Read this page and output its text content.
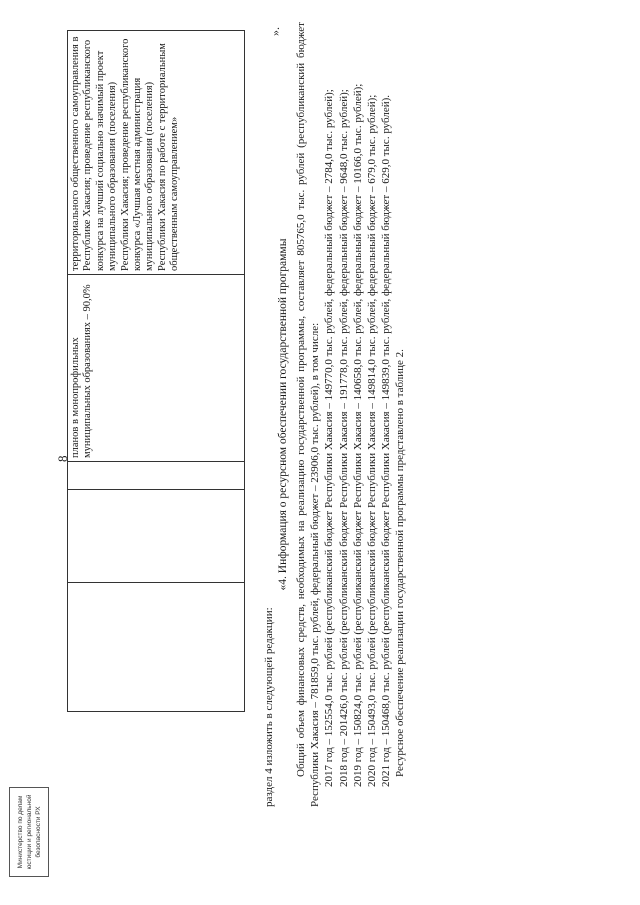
8
			планов в монопрофильных муниципальных образованиях – 90,0%	территориального общественного самоуправления в Республике Хакасия; проведение республиканского конкурса на лучший социально значимый проект муниципального образования (поселения) Республики Хакасия; проведение республиканского конкурса «Лучшая местная администрация муниципального образования (поселения) Республики Хакасия по работе с территориальным общественным самоуправлением»
».
раздел 4 изложить в следующей редакции:
«4. Информация о ресурсном обеспечении государственной программы Общий объем финансовых средств, необходимых на реализацию государственной программы, составляет 805765,0 тыс. рублей (республиканский бюджет Республики Хакасия – 781859,0 тыс. рублей, федеральный бюджет – 23906,0 тыс. рублей), в том числе: 2017 год – 152554,0 тыс. рублей (республиканский бюджет Республики Хакасия – 149770,0 тыс. рублей, федеральный бюджет – 2784,0 тыс. рублей); 2018 год – 201426,0 тыс. рублей (республиканский бюджет Республики Хакасия – 191778,0 тыс. рублей, федеральный бюджет – 9648,0 тыс. рублей); 2019 год – 150824,0 тыс. рублей (республиканский бюджет Республики Хакасия – 140658,0 тыс. рублей, федеральный бюджет – 10166,0 тыс. рублей); 2020 год – 150493,0 тыс. рублей (республиканский бюджет Республики Хакасия – 149814,0 тыс. рублей, федеральный бюджет – 679,0 тыс. рублей); 2021 год – 150468,0 тыс. рублей (республиканский бюджет Республики Хакасия – 149839,0 тыс. рублей, федеральный бюджет – 629,0 тыс. рублей). Ресурсное обеспечение реализации государственной программы представлено в таблице 2.

Министерство по делам юстиции и региональной безопасности РХ
